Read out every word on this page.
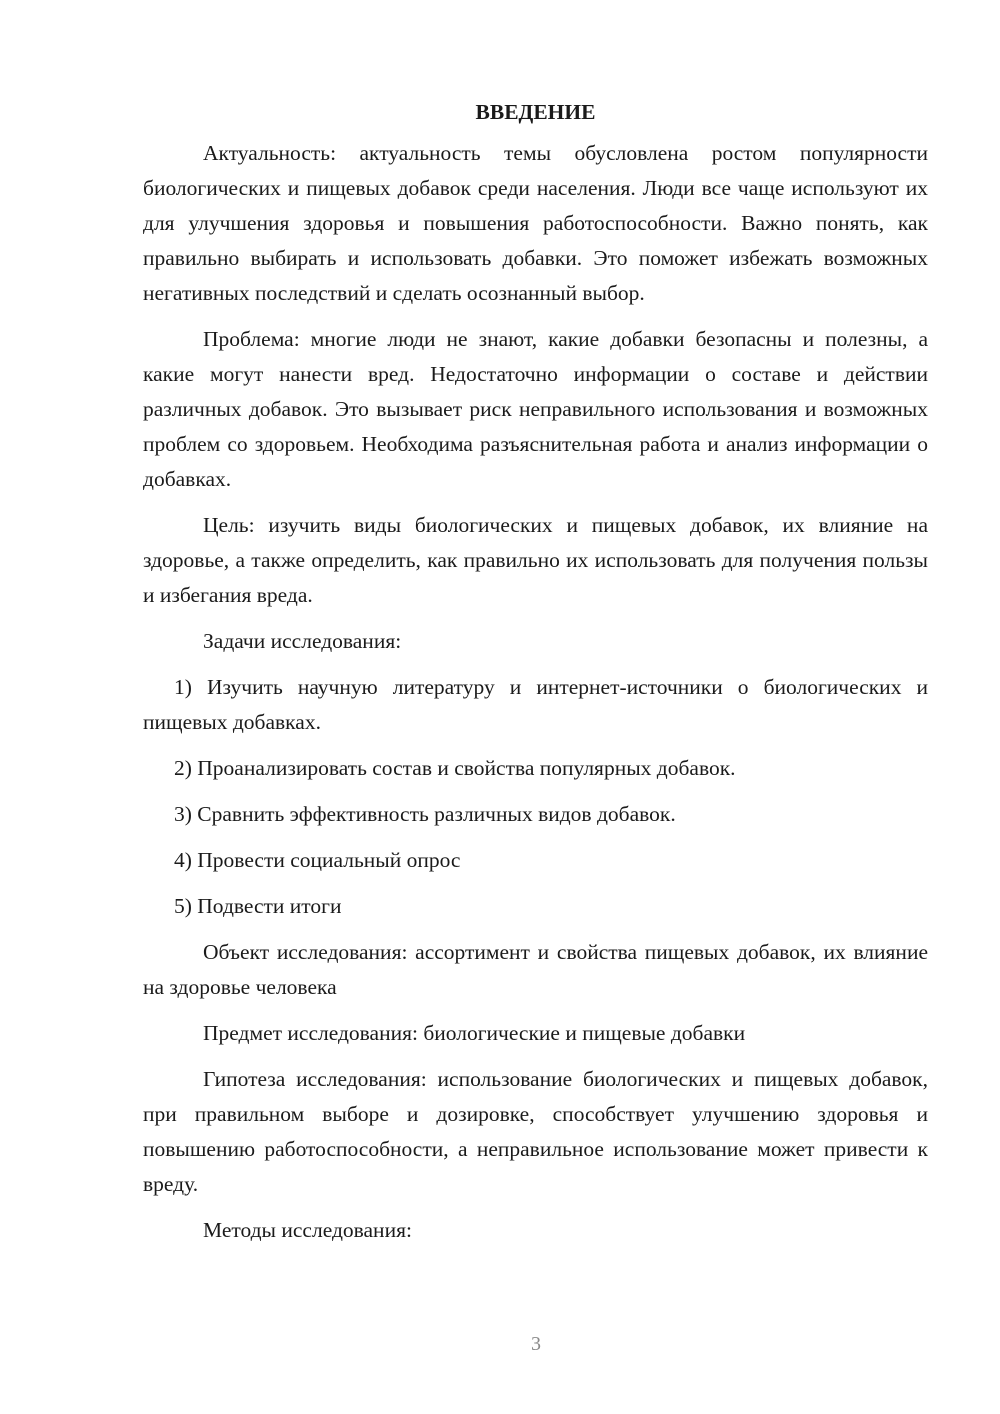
ВВЕДЕНИЕ

Актуальность: актуальность темы обусловлена ростом популярности биологических и пищевых добавок среди населения. Люди все чаще используют их для улучшения здоровья и повышения работоспособности. Важно понять, как правильно выбирать и использовать добавки. Это поможет избежать возможных негативных последствий и сделать осознанный выбор.

Проблема: многие люди не знают, какие добавки безопасны и полезны, а какие могут нанести вред. Недостаточно информации о составе и действии различных добавок. Это вызывает риск неправильного использования и возможных проблем со здоровьем. Необходима разъяснительная работа и анализ информации о добавках.

Цель: изучить виды биологических и пищевых добавок, их влияние на здоровье, а также определить, как правильно их использовать для получения пользы и избегания вреда.

Задачи исследования:

1) Изучить научную литературу и интернет-источники о биологических и пищевых добавках.

2) Проанализировать состав и свойства популярных добавок.

3) Сравнить эффективность различных видов добавок.

4) Провести социальный опрос

5) Подвести итоги

Объект исследования: ассортимент и свойства пищевых добавок, их влияние на здоровье человека

Предмет исследования: биологические и пищевые добавки

Гипотеза исследования: использование биологических и пищевых добавок, при правильном выборе и дозировке, способствует улучшению здоровья и повышению работоспособности, а неправильное использование может привести к вреду.

Методы исследования:

3
